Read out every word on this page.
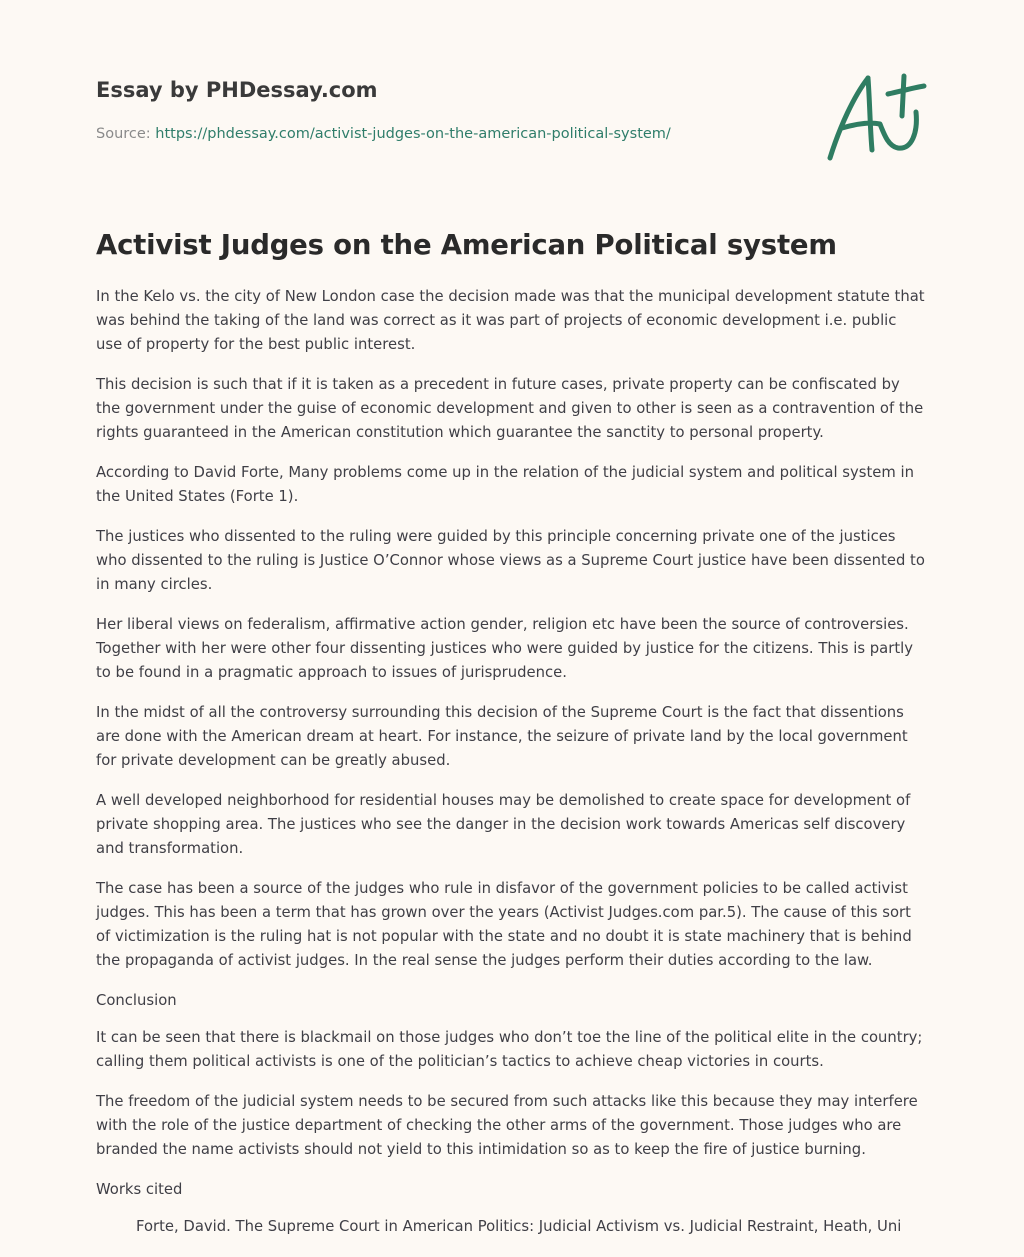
Essay by PHDessay.com
Source: https://phdessay.com/activist-judges-on-the-american-political-system/
Activist Judges on the American Political system

In the Kelo vs. the city of New London case the decision made was that the municipal development statute that was behind the taking of the land was correct as it was part of projects of economic development i.e. public use of property for the best public interest.

This decision is such that if it is taken as a precedent in future cases, private property can be confiscated by the government under the guise of economic development and given to other is seen as a contravention of the rights guaranteed in the American constitution which guarantee the sanctity to personal property.

According to David Forte, Many problems come up in the relation of the judicial system and political system in the United States (Forte 1).

The justices who dissented to the ruling were guided by this principle concerning private one of the justices who dissented to the ruling is Justice O’Connor whose views as a Supreme Court justice have been dissented to in many circles.

Her liberal views on federalism, affirmative action gender, religion etc have been the source of controversies. Together with her were other four dissenting justices who were guided by justice for the citizens. This is partly to be found in a pragmatic approach to issues of jurisprudence.

In the midst of all the controversy surrounding this decision of the Supreme Court is the fact that dissentions are done with the American dream at heart. For instance, the seizure of private land by the local government for private development can be greatly abused.

A well developed neighborhood for residential houses may be demolished to create space for development of private shopping area. The justices who see the danger in the decision work towards Americas self discovery and transformation.

The case has been a source of the judges who rule in disfavor of the government policies to be called activist judges. This has been a term that has grown over the years (Activist Judges.com par.5). The cause of this sort of victimization is the ruling hat is not popular with the state and no doubt it is state machinery that is behind the propaganda of activist judges. In the real sense the judges perform their duties according to the law.

Conclusion

It can be seen that there is blackmail on those judges who don’t toe the line of the political elite in the country; calling them political activists is one of the politician’s tactics to achieve cheap victories in courts.

The freedom of the judicial system needs to be secured from such attacks like this because they may interfere with the role of the justice department of checking the other arms of the government. Those judges who are branded the name activists should not yield to this intimidation so as to keep the fire of justice burning.

Works cited

1. Forte, David. The Supreme Court in American Politics: Judicial Activism vs. Judicial Restraint, Heath, Uni
